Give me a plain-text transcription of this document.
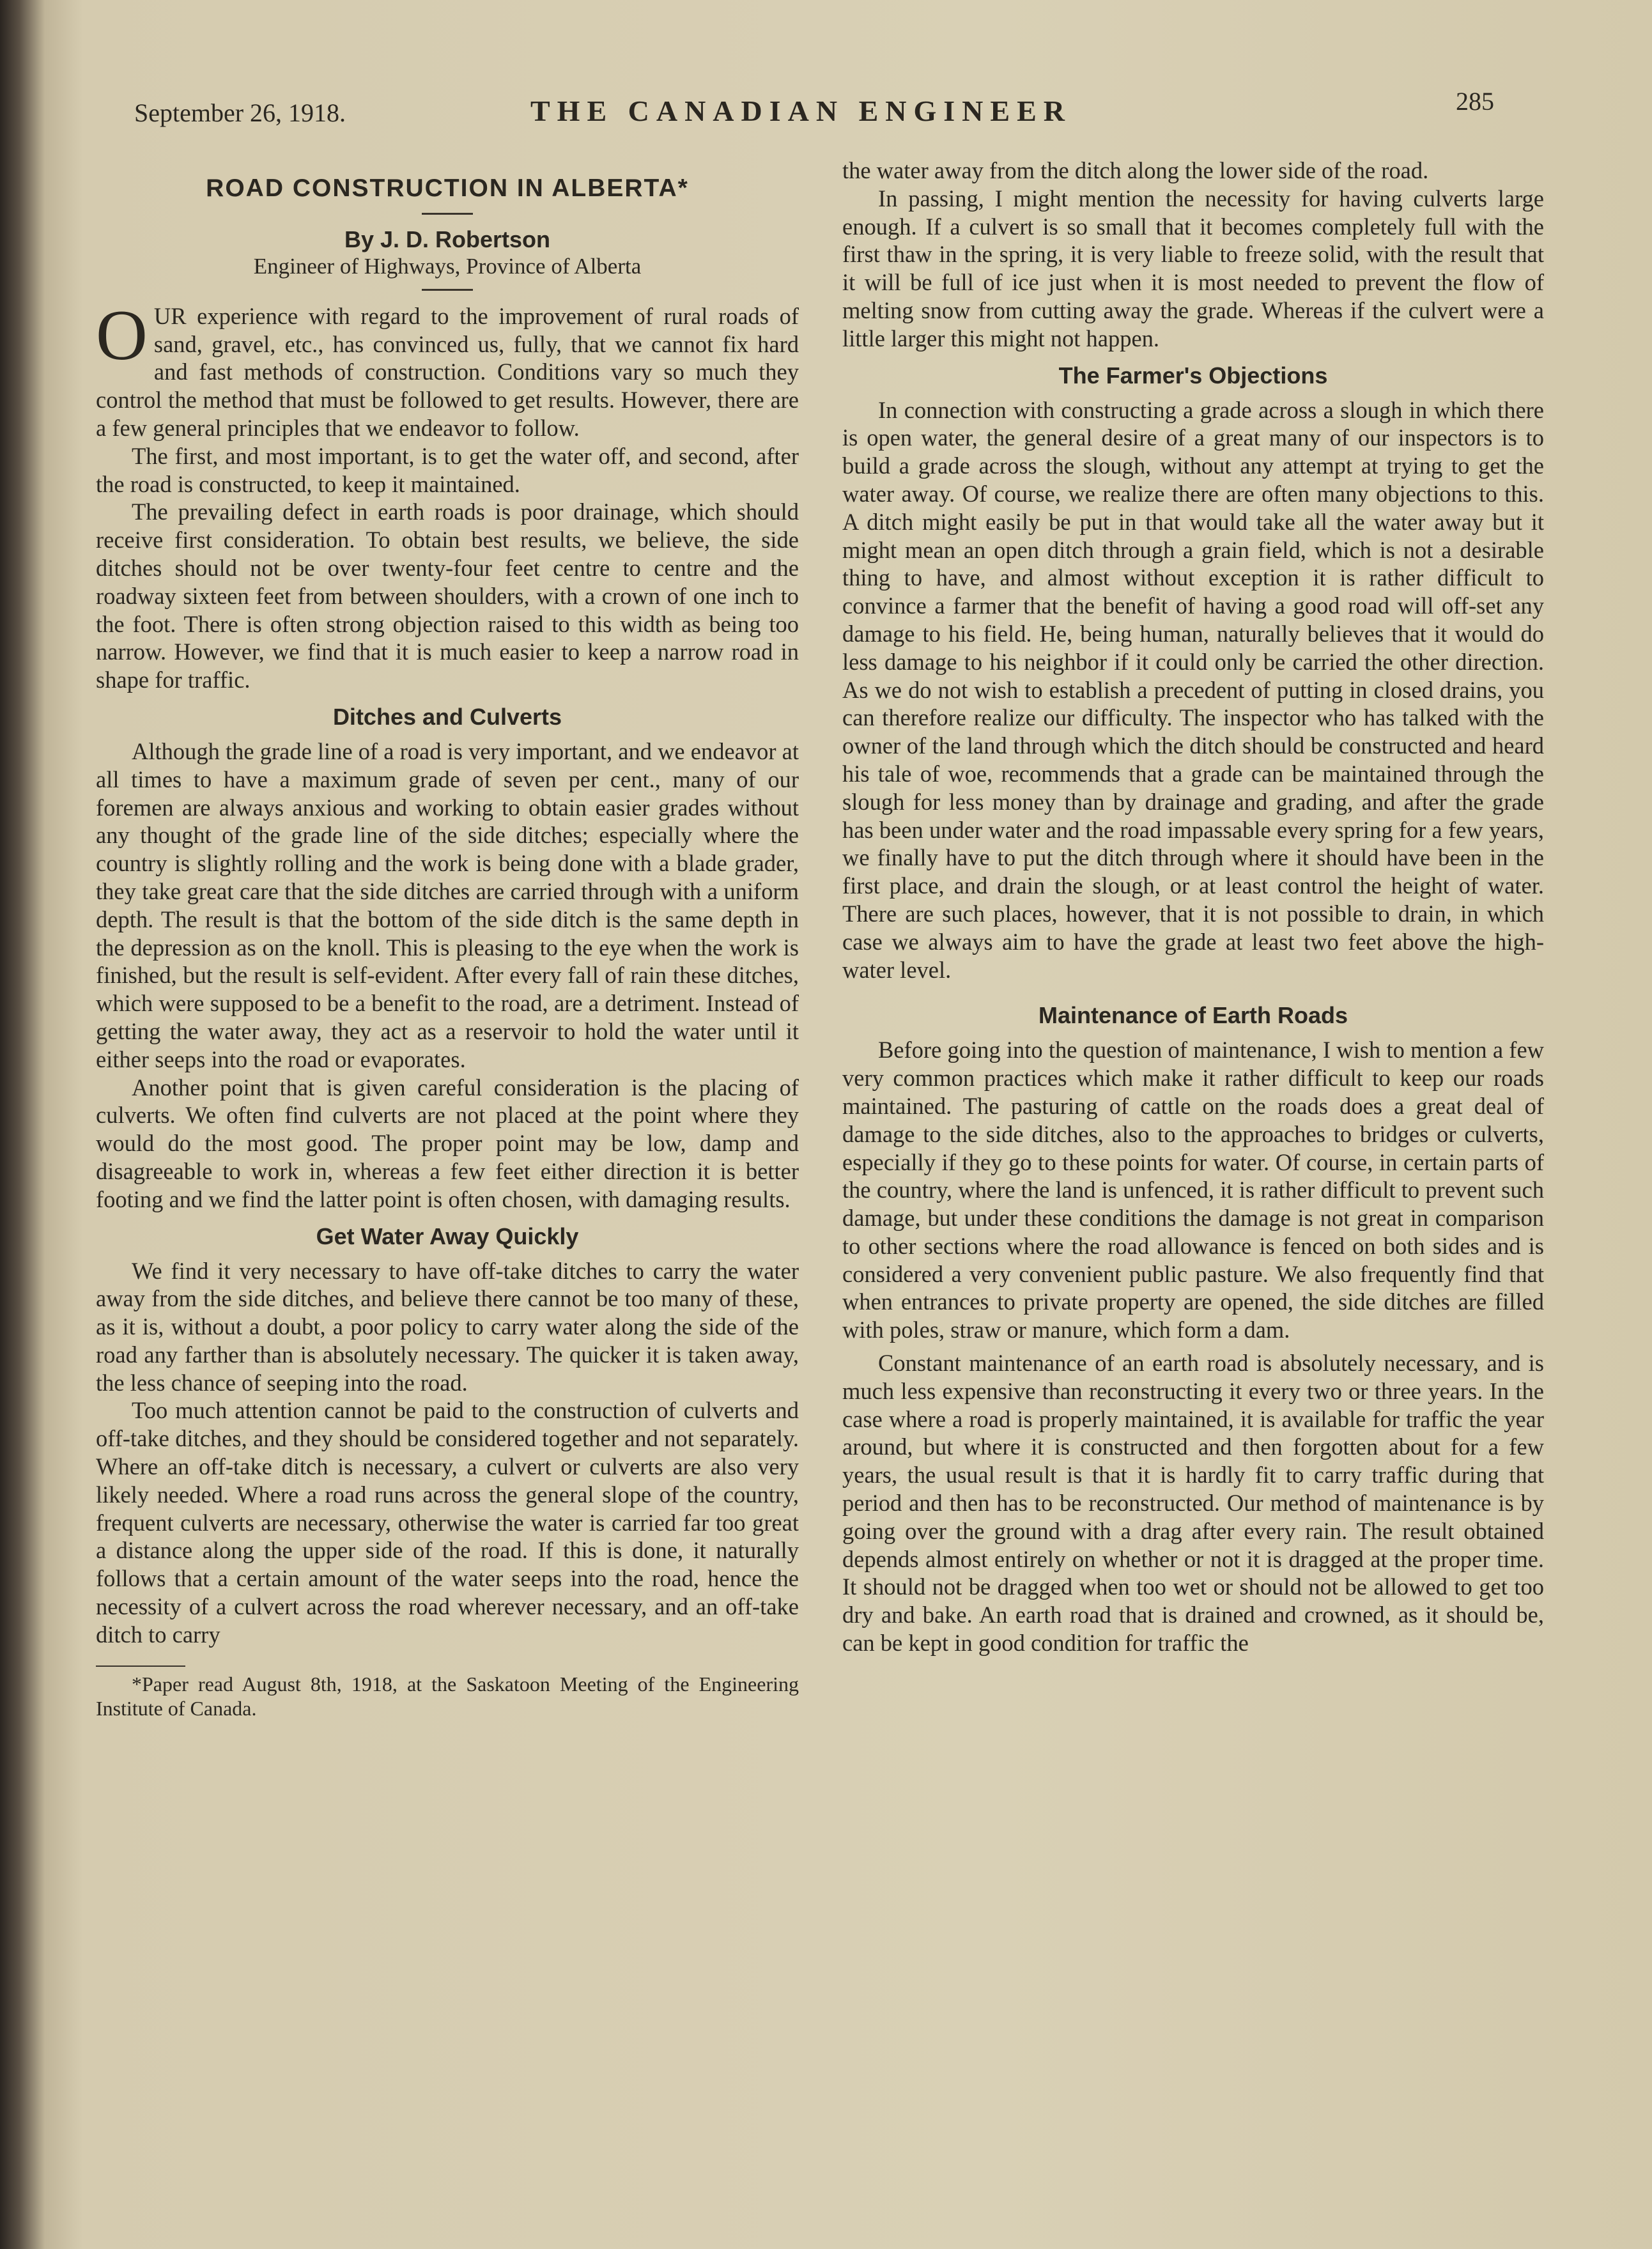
September 26, 1918.	THE CANADIAN ENGINEER	285
ROAD CONSTRUCTION IN ALBERTA*
By J. D. Robertson
Engineer of Highways, Province of Alberta

OUR experience with regard to the improvement of rural roads of sand, gravel, etc., has convinced us, fully, that we cannot fix hard and fast methods of construction. Conditions vary so much they control the method that must be followed to get results. However, there are a few general principles that we endeavor to follow.

The first, and most important, is to get the water off, and second, after the road is constructed, to keep it maintained.

The prevailing defect in earth roads is poor drainage, which should receive first consideration. To obtain best results, we believe, the side ditches should not be over twenty-four feet centre to centre and the roadway sixteen feet from between shoulders, with a crown of one inch to the foot. There is often strong objection raised to this width as being too narrow. However, we find that it is much easier to keep a narrow road in shape for traffic.

Ditches and Culverts

Although the grade line of a road is very important, and we endeavor at all times to have a maximum grade of seven per cent., many of our foremen are always anxious and working to obtain easier grades without any thought of the grade line of the side ditches; especially where the country is slightly rolling and the work is being done with a blade grader, they take great care that the side ditches are carried through with a uniform depth. The result is that the bottom of the side ditch is the same depth in the depression as on the knoll. This is pleasing to the eye when the work is finished, but the result is self-evident. After every fall of rain these ditches, which were supposed to be a benefit to the road, are a detriment. Instead of getting the water away, they act as a reservoir to hold the water until it either seeps into the road or evaporates.

Another point that is given careful consideration is the placing of culverts. We often find culverts are not placed at the point where they would do the most good. The proper point may be low, damp and disagreeable to work in, whereas a few feet either direction it is better footing and we find the latter point is often chosen, with damaging results.

Get Water Away Quickly

We find it very necessary to have off-take ditches to carry the water away from the side ditches, and believe there cannot be too many of these, as it is, without a doubt, a poor policy to carry water along the side of the road any farther than is absolutely necessary. The quicker it is taken away, the less chance of seeping into the road.

Too much attention cannot be paid to the construction of culverts and off-take ditches, and they should be considered together and not separately. Where an off-take ditch is necessary, a culvert or culverts are also very likely needed. Where a road runs across the general slope of the country, frequent culverts are necessary, otherwise the water is carried far too great a distance along the upper side of the road. If this is done, it naturally follows that a certain amount of the water seeps into the road, hence the necessity of a culvert across the road wherever necessary, and an off-take ditch to carry

*Paper read August 8th, 1918, at the Saskatoon Meeting of the Engineering Institute of Canada.

the water away from the ditch along the lower side of the road.

In passing, I might mention the necessity for having culverts large enough. If a culvert is so small that it becomes completely full with the first thaw in the spring, it is very liable to freeze solid, with the result that it will be full of ice just when it is most needed to prevent the flow of melting snow from cutting away the grade. Whereas if the culvert were a little larger this might not happen.

The Farmer's Objections

In connection with constructing a grade across a slough in which there is open water, the general desire of a great many of our inspectors is to build a grade across the slough, without any attempt at trying to get the water away. Of course, we realize there are often many objections to this. A ditch might easily be put in that would take all the water away but it might mean an open ditch through a grain field, which is not a desirable thing to have, and almost without exception it is rather difficult to convince a farmer that the benefit of having a good road will off-set any damage to his field. He, being human, naturally believes that it would do less damage to his neighbor if it could only be carried the other direction. As we do not wish to establish a precedent of putting in closed drains, you can therefore realize our difficulty. The inspector who has talked with the owner of the land through which the ditch should be constructed and heard his tale of woe, recommends that a grade can be maintained through the slough for less money than by drainage and grading, and after the grade has been under water and the road impassable every spring for a few years, we finally have to put the ditch through where it should have been in the first place, and drain the slough, or at least control the height of water. There are such places, however, that it is not possible to drain, in which case we always aim to have the grade at least two feet above the high-water level.

Maintenance of Earth Roads

Before going into the question of maintenance, I wish to mention a few very common practices which make it rather difficult to keep our roads maintained. The pasturing of cattle on the roads does a great deal of damage to the side ditches, also to the approaches to bridges or culverts, especially if they go to these points for water. Of course, in certain parts of the country, where the land is unfenced, it is rather difficult to prevent such damage, but under these conditions the damage is not great in comparison to other sections where the road allowance is fenced on both sides and is considered a very convenient public pasture. We also frequently find that when entrances to private property are opened, the side ditches are filled with poles, straw or manure, which form a dam.

Constant maintenance of an earth road is absolutely necessary, and is much less expensive than reconstructing it every two or three years. In the case where a road is properly maintained, it is available for traffic the year around, but where it is constructed and then forgotten about for a few years, the usual result is that it is hardly fit to carry traffic during that period and then has to be reconstructed. Our method of maintenance is by going over the ground with a drag after every rain. The result obtained depends almost entirely on whether or not it is dragged at the proper time. It should not be dragged when too wet or should not be allowed to get too dry and bake. An earth road that is drained and crowned, as it should be, can be kept in good condition for traffic the
